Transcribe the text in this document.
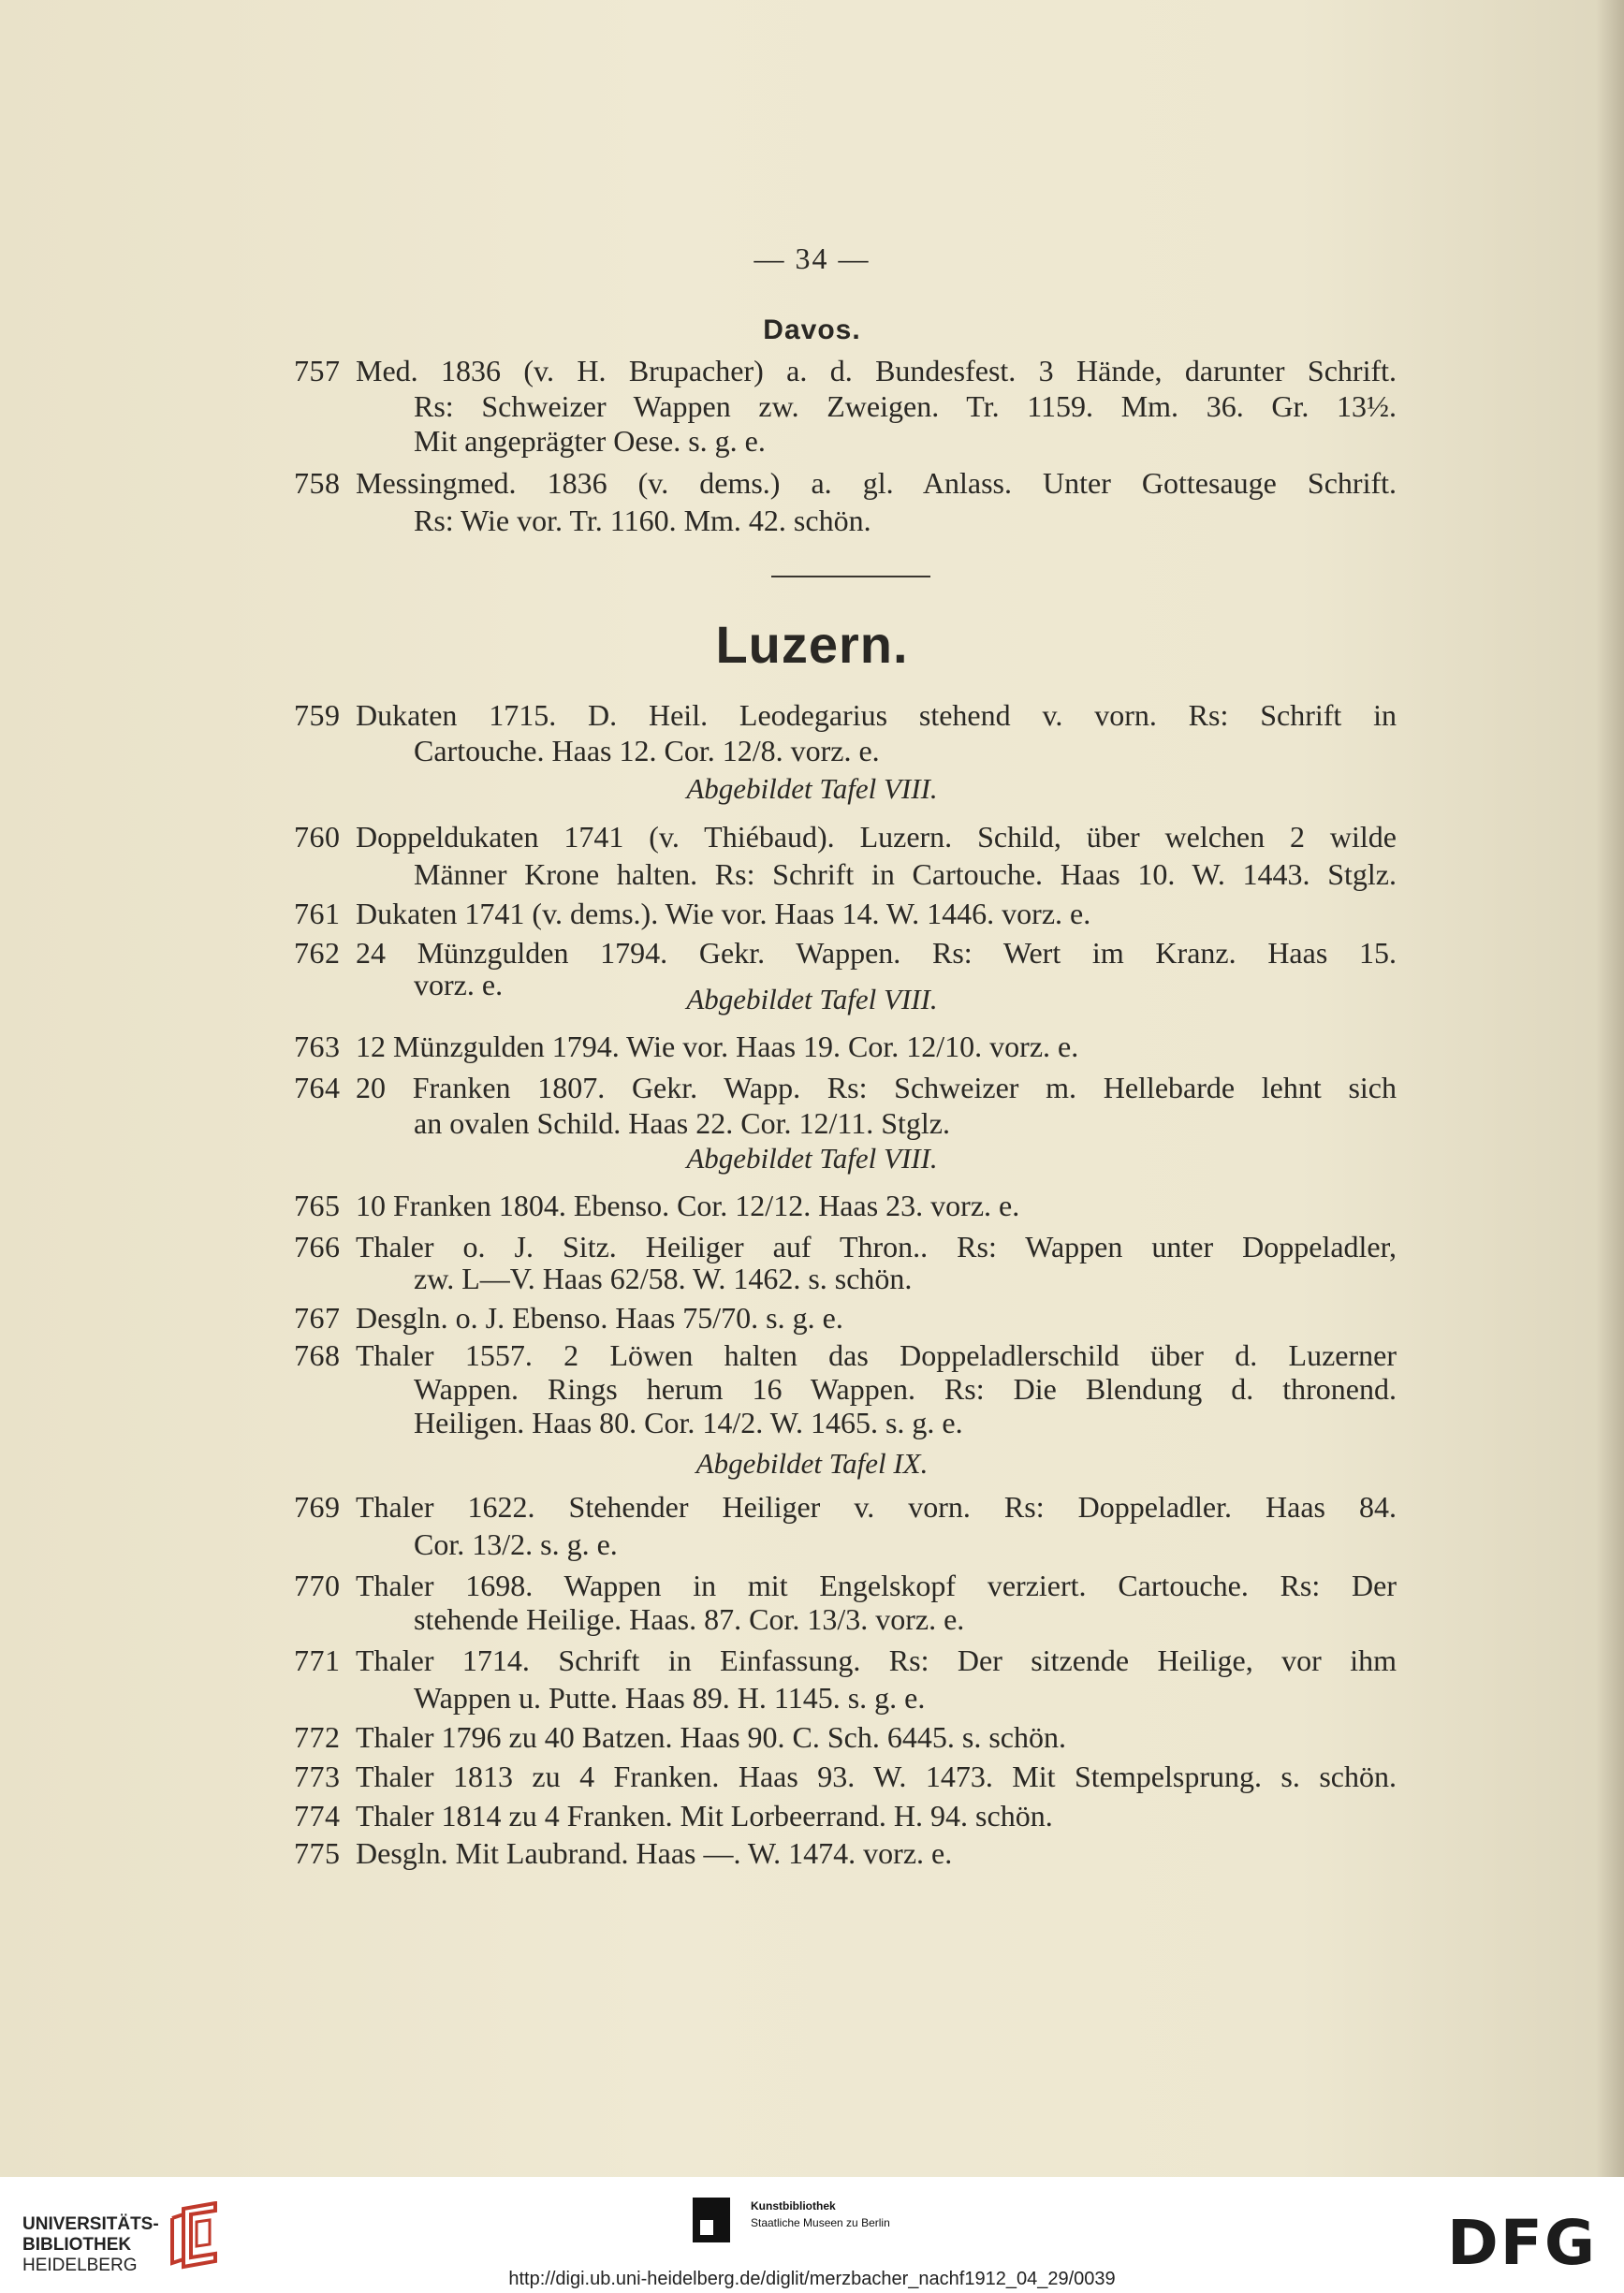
— 34 —
Davos.
757 Med. 1836 (v. H. Brupacher) a. d. Bundesfest. 3 Hände, darunter Schrift.
Rs: Schweizer Wappen zw. Zweigen. Tr. 1159. Mm. 36. Gr. 13½.
Mit angeprägter Oese. s. g. e.
758 Messingmed. 1836 (v. dems.) a. gl. Anlass. Unter Gottesauge Schrift.
Rs: Wie vor. Tr. 1160. Mm. 42. schön.
Luzern.
759 Dukaten 1715. D. Heil. Leodegarius stehend v. vorn. Rs: Schrift in
Cartouche. Haas 12. Cor. 12/8. vorz. e.
Abgebildet Tafel VIII.
760 Doppeldukaten 1741 (v. Thiébaud). Luzern. Schild, über welchen 2 wilde
Männer Krone halten. Rs: Schrift in Cartouche. Haas 10. W. 1443. Stglz.
761 Dukaten 1741 (v. dems.). Wie vor. Haas 14. W. 1446. vorz. e.
762 24 Münzgulden 1794. Gekr. Wappen. Rs: Wert im Kranz. Haas 15.
vorz. e.	Abgebildet Tafel VIII.
763 12 Münzgulden 1794. Wie vor. Haas 19. Cor. 12/10. vorz. e.
764 20 Franken 1807. Gekr. Wapp. Rs: Schweizer m. Hellebarde lehnt sich
an ovalen Schild. Haas 22. Cor. 12/11. Stglz.
Abgebildet Tafel VIII.
765 10 Franken 1804. Ebenso. Cor. 12/12. Haas 23. vorz. e.
766 Thaler o. J. Sitz. Heiliger auf Thron.. Rs: Wappen unter Doppeladler,
zw. L—V. Haas 62/58. W. 1462. s. schön.
767 Desgln. o. J. Ebenso. Haas 75/70. s. g. e.
768 Thaler 1557. 2 Löwen halten das Doppeladlerschild über d. Luzerner
Wappen. Rings herum 16 Wappen. Rs: Die Blendung d. thronend.
Heiligen. Haas 80. Cor. 14/2. W. 1465. s. g. e.
Abgebildet Tafel IX.
769 Thaler 1622. Stehender Heiliger v. vorn. Rs: Doppeladler. Haas 84.
Cor. 13/2. s. g. e.
770 Thaler 1698. Wappen in mit Engelskopf verziert. Cartouche. Rs: Der
stehende Heilige. Haas. 87. Cor. 13/3. vorz. e.
771 Thaler 1714. Schrift in Einfassung. Rs: Der sitzende Heilige, vor ihm
Wappen u. Putte. Haas 89. H. 1145. s. g. e.
772 Thaler 1796 zu 40 Batzen. Haas 90. C. Sch. 6445. s. schön.
773 Thaler 1813 zu 4 Franken. Haas 93. W. 1473. Mit Stempelsprung. s. schön.
774 Thaler 1814 zu 4 Franken. Mit Lorbeerrand. H. 94. schön.
775 Desgln. Mit Laubrand. Haas —. W. 1474. vorz. e.
UNIVERSITÄTS-
BIBLIOTHEK
HEIDELBERG
Kunstbibliothek
Staatliche Museen zu Berlin	DFG
http://digi.ub.uni-heidelberg.de/diglit/merzbacher_nachf1912_04_29/0039
